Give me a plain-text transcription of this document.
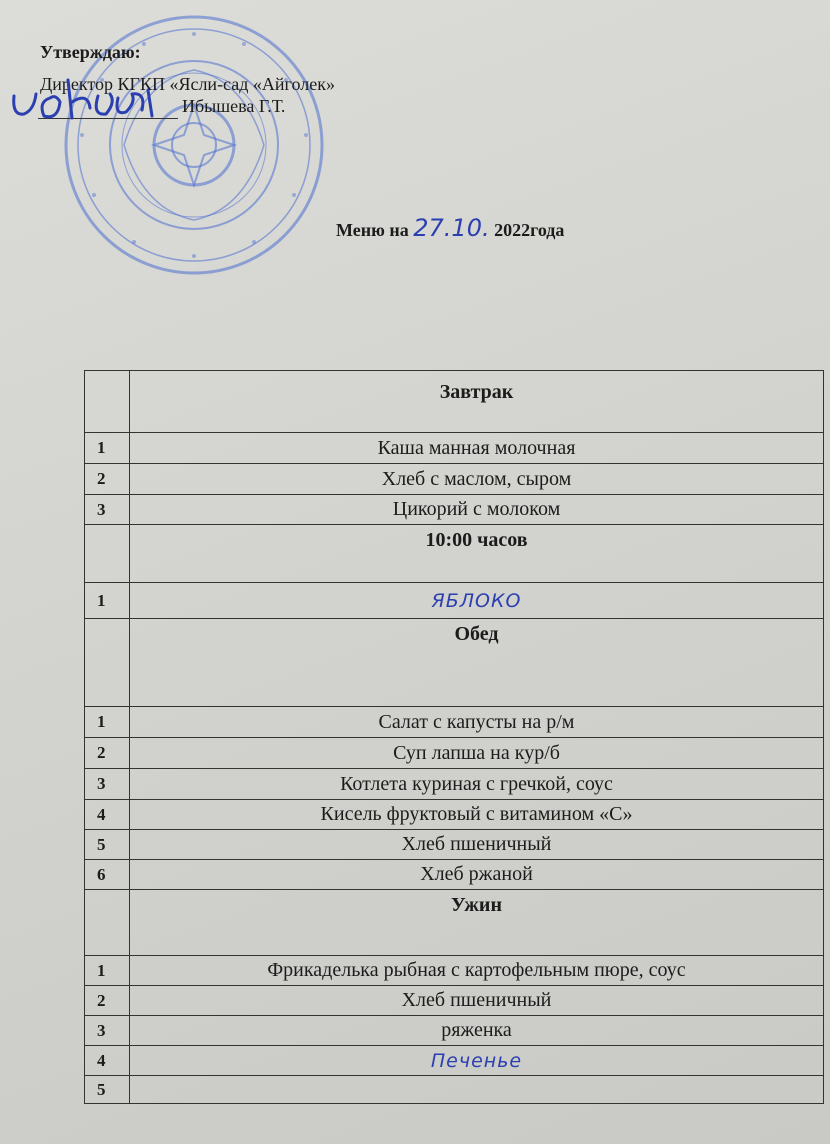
Утверждаю:
Директор КГКП «Ясли-сад «Айголек»
Ибышева Г.Т.
Меню на 27.10. 2022года
	Завтрак
1	Каша манная молочная
2	Хлеб с маслом, сыром
3	Цикорий с молоком
	10:00 часов
1	ЯБЛОКО
	Обед
1	Салат с капусты на р/м
2	Суп лапша на кур/б
3	Котлета куриная с гречкой, соус
4	Кисель фруктовый с витамином «С»
5	Хлеб пшеничный
6	Хлеб ржаной
	Ужин
1	Фрикаделька рыбная с картофельным пюре, соус
2	Хлеб пшеничный
3	ряженка
4	Печенье
5	
